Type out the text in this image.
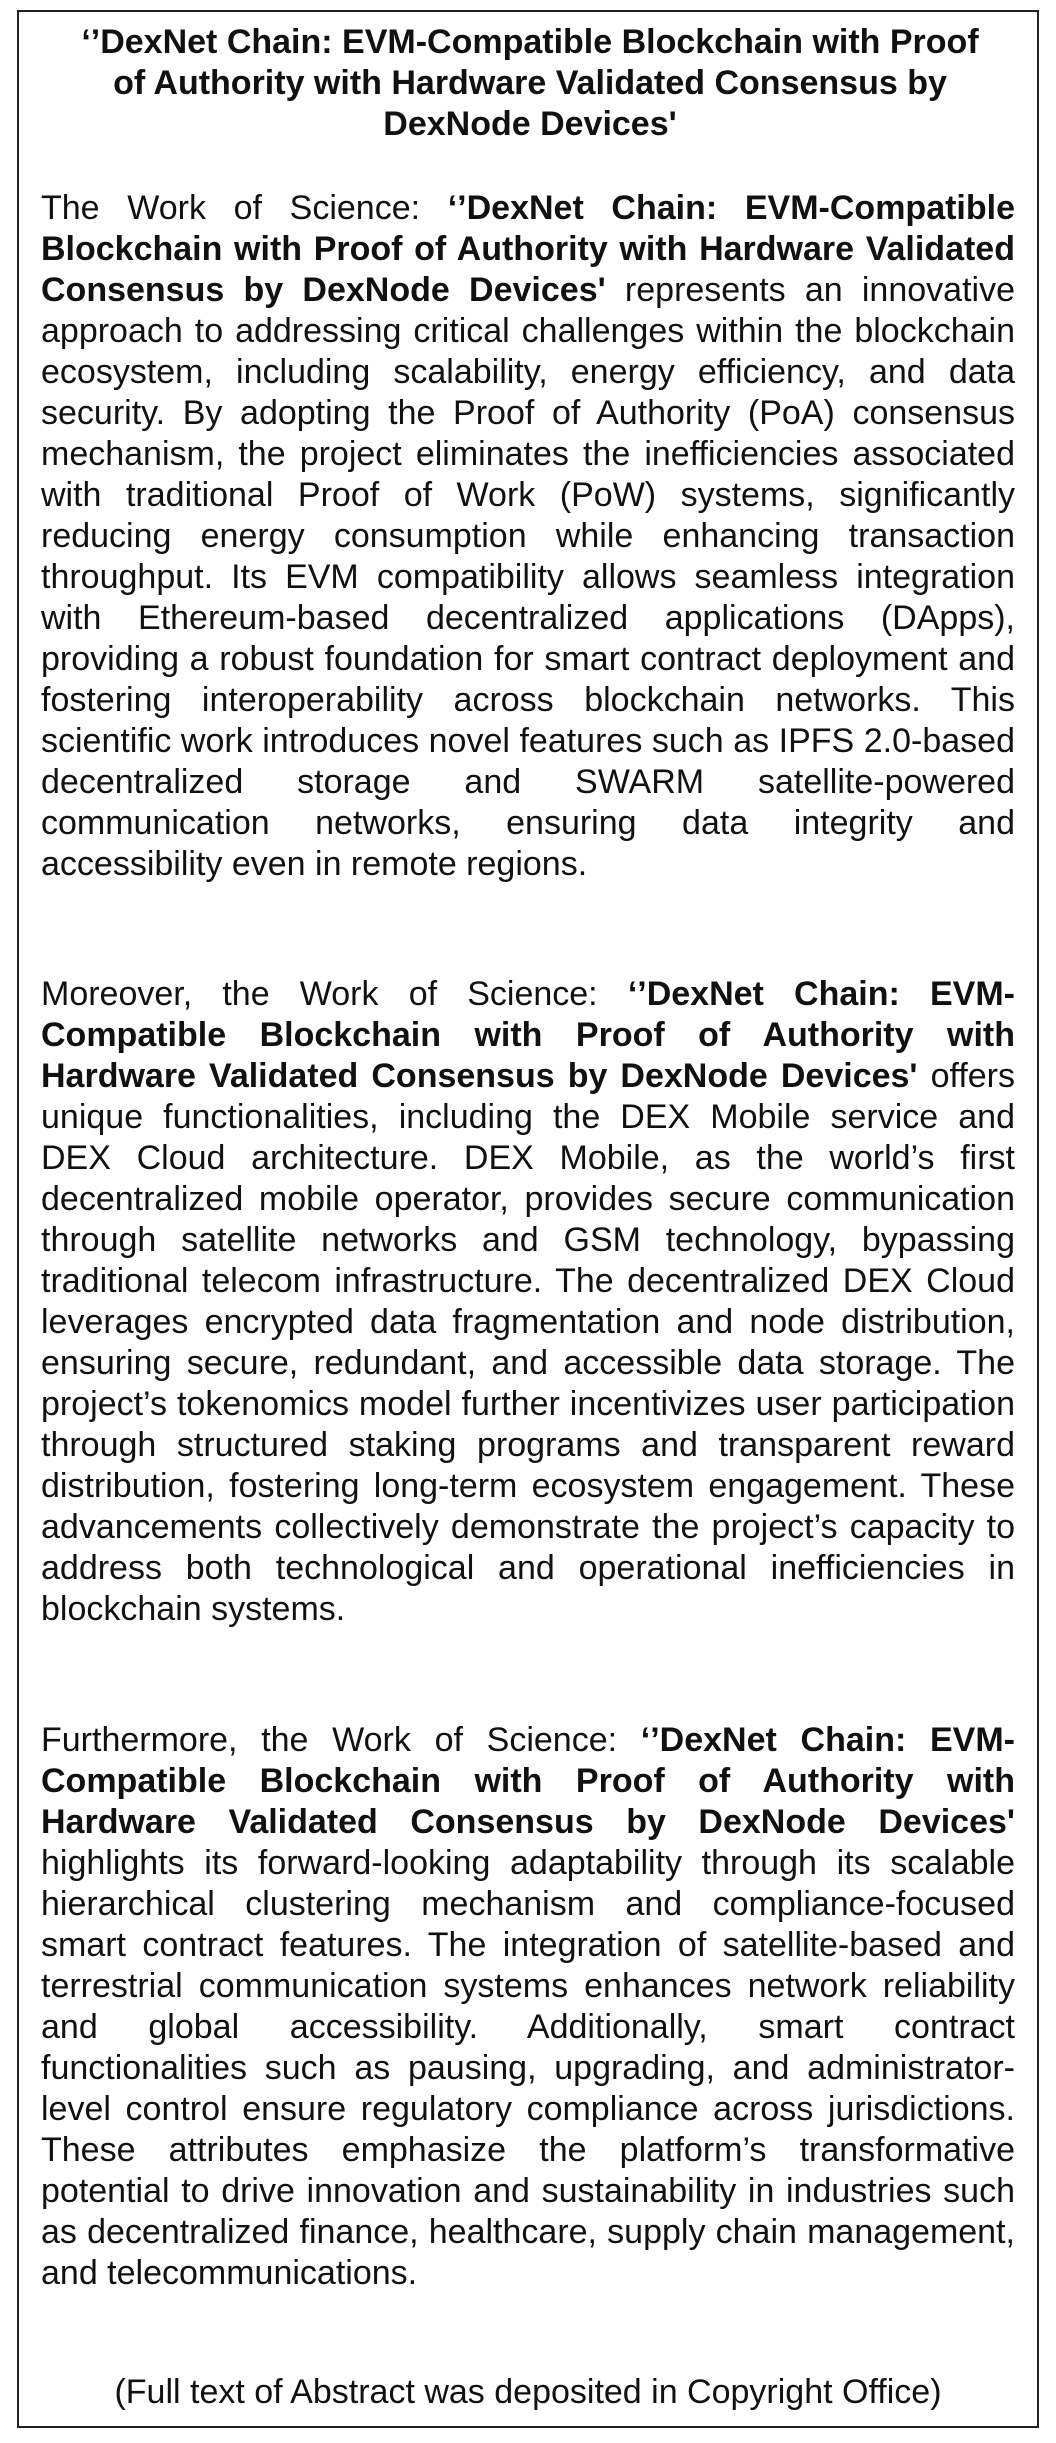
‘’DexNet Chain: EVM-Compatible Blockchain with Proof of Authority with Hardware Validated Consensus by DexNode Devices'

The Work of Science: ‘’DexNet Chain: EVM-Compatible Blockchain with Proof of Authority with Hardware Validated Consensus by DexNode Devices' represents an innovative approach to addressing critical challenges within the blockchain ecosystem, including scalability, energy efficiency, and data security. By adopting the Proof of Authority (PoA) consensus mechanism, the project eliminates the inefficiencies associated with traditional Proof of Work (PoW) systems, significantly reducing energy consumption while enhancing transaction throughput. Its EVM compatibility allows seamless integration with Ethereum-based decentralized applications (DApps), providing a robust foundation for smart contract deployment and fostering interoperability across blockchain networks. This scientific work introduces novel features such as IPFS 2.0-based decentralized storage and SWARM satellite-powered communication networks, ensuring data integrity and accessibility even in remote regions.

Moreover, the Work of Science: ‘’DexNet Chain: EVM-Compatible Blockchain with Proof of Authority with Hardware Validated Consensus by DexNode Devices' offers unique functionalities, including the DEX Mobile service and DEX Cloud architecture. DEX Mobile, as the world’s first decentralized mobile operator, provides secure communication through satellite networks and GSM technology, bypassing traditional telecom infrastructure. The decentralized DEX Cloud leverages encrypted data fragmentation and node distribution, ensuring secure, redundant, and accessible data storage. The project’s tokenomics model further incentivizes user participation through structured staking programs and transparent reward distribution, fostering long-term ecosystem engagement. These advancements collectively demonstrate the project’s capacity to address both technological and operational inefficiencies in blockchain systems.

Furthermore, the Work of Science: ‘’DexNet Chain: EVM-Compatible Blockchain with Proof of Authority with Hardware Validated Consensus by DexNode Devices' highlights its forward-looking adaptability through its scalable hierarchical clustering mechanism and compliance-focused smart contract features. The integration of satellite-based and terrestrial communication systems enhances network reliability and global accessibility. Additionally, smart contract functionalities such as pausing, upgrading, and administrator-level control ensure regulatory compliance across jurisdictions. These attributes emphasize the platform’s transformative potential to drive innovation and sustainability in industries such as decentralized finance, healthcare, supply chain management, and telecommunications.

(Full text of Abstract was deposited in Copyright Office)
